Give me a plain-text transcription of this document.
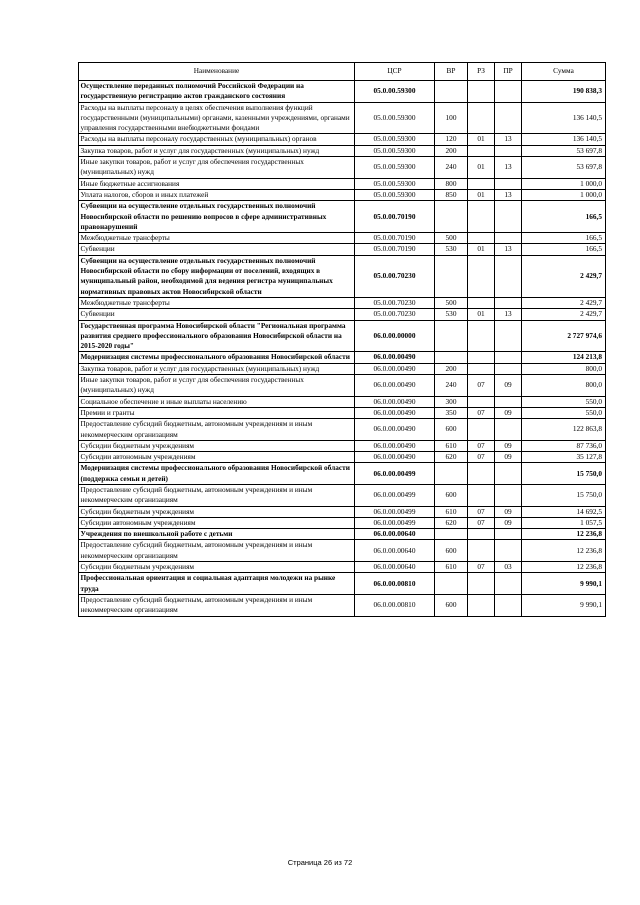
Наименование	ЦСР	ВР	РЗ	ПР	Сумма
Осуществление переданных полномочий Российской Федерации на государственную регистрацию актов гражданского состояния	05.0.00.59300				190 838,3
Расходы на выплаты персоналу в целях обеспечения выполнения функций государственными (муниципальными) органами, казенными учреждениями, органами управления государственными внебюджетными фондами	05.0.00.59300	100			136 140,5
Расходы на выплаты персоналу государственных (муниципальных) органов	05.0.00.59300	120	01	13	136 140,5
Закупка товаров, работ и услуг для государственных (муниципальных) нужд	05.0.00.59300	200			53 697,8
Иные закупки товаров, работ и услуг для обеспечения государственных (муниципальных) нужд	05.0.00.59300	240	01	13	53 697,8
Иные бюджетные ассигнования	05.0.00.59300	800			1 000,0
Уплата налогов, сборов и иных платежей	05.0.00.59300	850	01	13	1 000,0
Субвенции на осуществление отдельных государственных полномочий Новосибирской области по решению вопросов в сфере административных правонарушений	05.0.00.70190				166,5
Межбюджетные трансферты	05.0.00.70190	500			166,5
Субвенции	05.0.00.70190	530	01	13	166,5
Субвенции на осуществление отдельных государственных полномочий Новосибирской области по сбору информации от поселений, входящих в муниципальный район, необходимой для ведения регистра муниципальных нормативных правовых актов Новосибирской области	05.0.00.70230				2 429,7
Межбюджетные трансферты	05.0.00.70230	500			2 429,7
Субвенции	05.0.00.70230	530	01	13	2 429,7
Государственная программа Новосибирской области "Региональная программа развития среднего профессионального образования Новосибирской области на 2015-2020 годы"	06.0.00.00000				2 727 974,6
Модернизация системы профессионального образования Новосибирской области	06.0.00.00490				124 213,8
Закупка товаров, работ и услуг для государственных (муниципальных) нужд	06.0.00.00490	200			800,0
Иные закупки товаров, работ и услуг для обеспечения государственных (муниципальных) нужд	06.0.00.00490	240	07	09	800,0
Социальное обеспечение и иные выплаты населению	06.0.00.00490	300			550,0
Премии и гранты	06.0.00.00490	350	07	09	550,0
Предоставление субсидий бюджетным, автономным учреждениям и иным некоммерческим организациям	06.0.00.00490	600			122 863,8
Субсидии бюджетным учреждениям	06.0.00.00490	610	07	09	87 736,0
Субсидии автономным учреждениям	06.0.00.00490	620	07	09	35 127,8
Модернизация системы профессионального образования Новосибирской области (поддержка семьи и детей)	06.0.00.00499				15 750,0
Предоставление субсидий бюджетным, автономным учреждениям и иным некоммерческим организациям	06.0.00.00499	600			15 750,0
Субсидии бюджетным учреждениям	06.0.00.00499	610	07	09	14 692,5
Субсидии автономным учреждениям	06.0.00.00499	620	07	09	1 057,5
Учреждения по внешкольной работе с детьми	06.0.00.00640				12 236,8
Предоставление субсидий бюджетным, автономным учреждениям и иным некоммерческим организациям	06.0.00.00640	600			12 236,8
Субсидии бюджетным учреждениям	06.0.00.00640	610	07	03	12 236,8
Профессиональная ориентация и социальная адаптация молодежи на рынке труда	06.0.00.00810				9 990,1
Предоставление субсидий бюджетным, автономным учреждениям и иным некоммерческим организациям	06.0.00.00810	600			9 990,1
Страница 26 из 72
